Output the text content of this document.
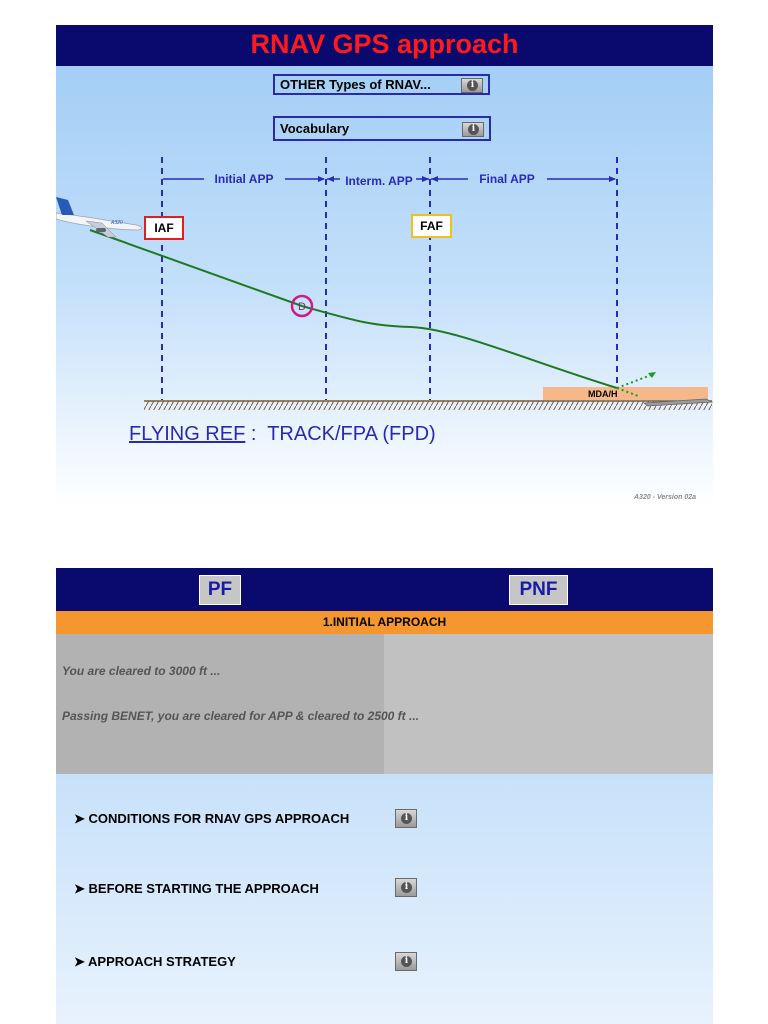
RNAV GPS approach
OTHER Types of RNAV...	i
Vocabulary	i
Initial APP	Interm. APP	Final APP
MDA/H
D
A320	IAF	FAF
FLYING REF :  TRACK/FPA (FPD)
A320 - Version 02a
PF	PNF
1.INITIAL APPROACH
You are cleared to 3000 ft ...
Passing BENET, you are cleared for APP & cleared to 2500 ft ...
➤ CONDITIONS FOR RNAV GPS APPROACH	i
➤ BEFORE STARTING THE APPROACH	i
➤ APPROACH STRATEGY	i
